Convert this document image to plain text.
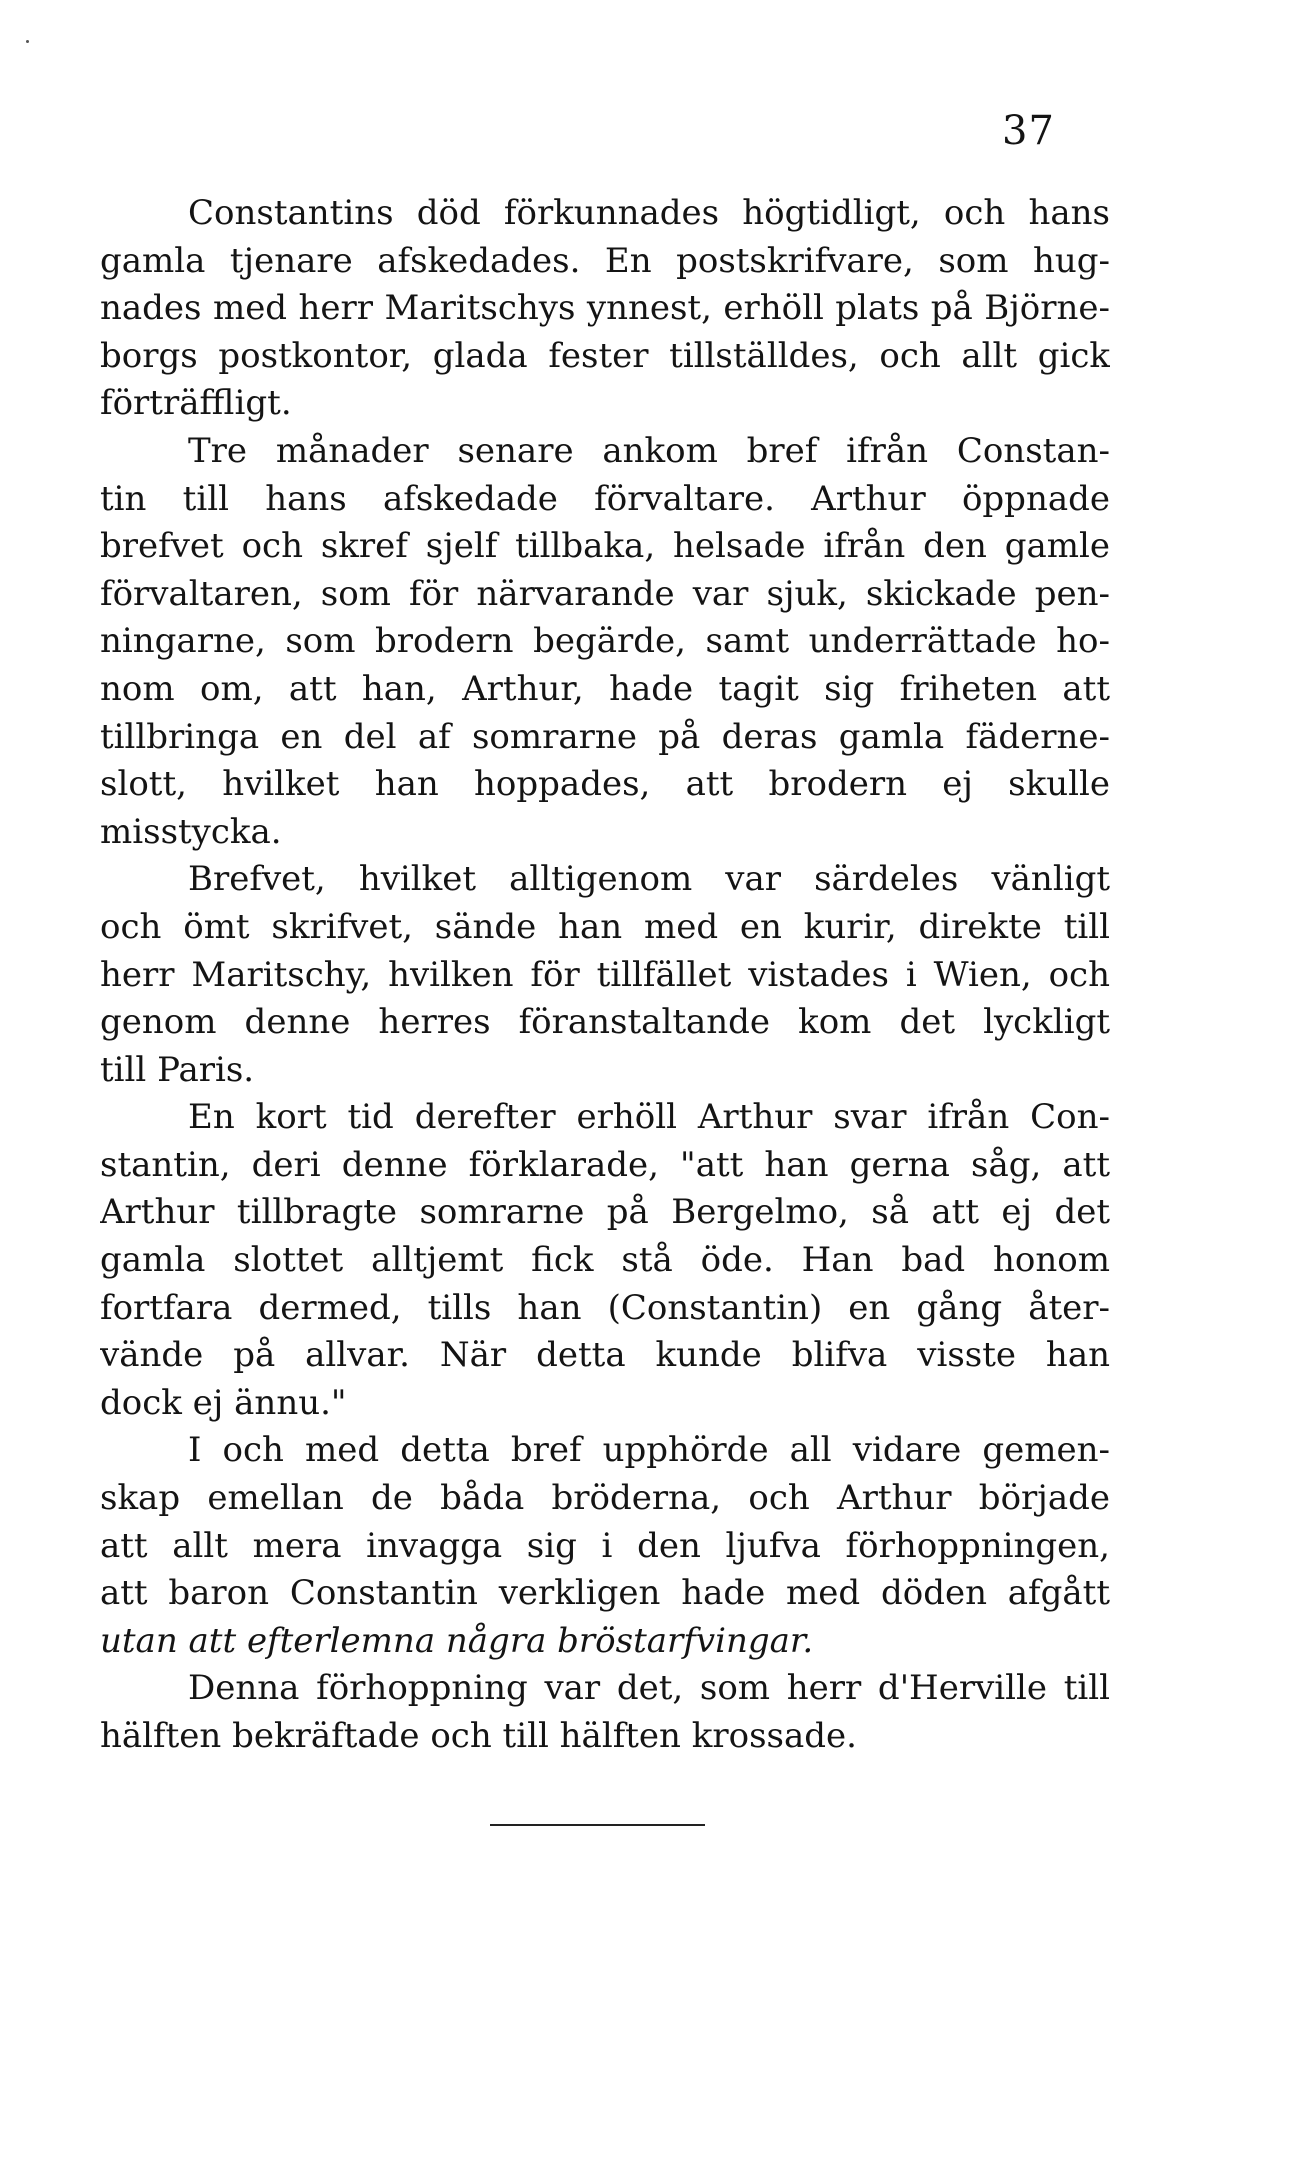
37
Constantins död förkunnades högtidligt, och hans
gamla tjenare afskedades. En postskrifvare, som hug-
nades med herr Maritschys ynnest, erhöll plats på Björne-
borgs postkontor, glada fester tillställdes, och allt gick
förträffligt.
Tre månader senare ankom bref ifrån Constan-
tin till hans afskedade förvaltare. Arthur öppnade
brefvet och skref sjelf tillbaka, helsade ifrån den gamle
förvaltaren, som för närvarande var sjuk, skickade pen-
ningarne, som brodern begärde, samt underrättade ho-
nom om, att han, Arthur, hade tagit sig friheten att
tillbringa en del af somrarne på deras gamla fäderne-
slott, hvilket han hoppades, att brodern ej skulle
misstycka.
Brefvet, hvilket alltigenom var särdeles vänligt
och ömt skrifvet, sände han med en kurir, direkte till
herr Maritschy, hvilken för tillfället vistades i Wien, och
genom denne herres föranstaltande kom det lyckligt
till Paris.
En kort tid derefter erhöll Arthur svar ifrån Con-
stantin, deri denne förklarade, "att han gerna såg, att
Arthur tillbragte somrarne på Bergelmo, så att ej det
gamla slottet alltjemt fick stå öde. Han bad honom
fortfara dermed, tills han (Constantin) en gång åter-
vände på allvar. När detta kunde blifva visste han
dock ej ännu."
I och med detta bref upphörde all vidare gemen-
skap emellan de båda bröderna, och Arthur började
att allt mera invagga sig i den ljufva förhoppningen,
att baron Constantin verkligen hade med döden afgått
utan att efterlemna några bröstarfvingar.
Denna förhoppning var det, som herr d'Herville till
hälften bekräftade och till hälften krossade.
